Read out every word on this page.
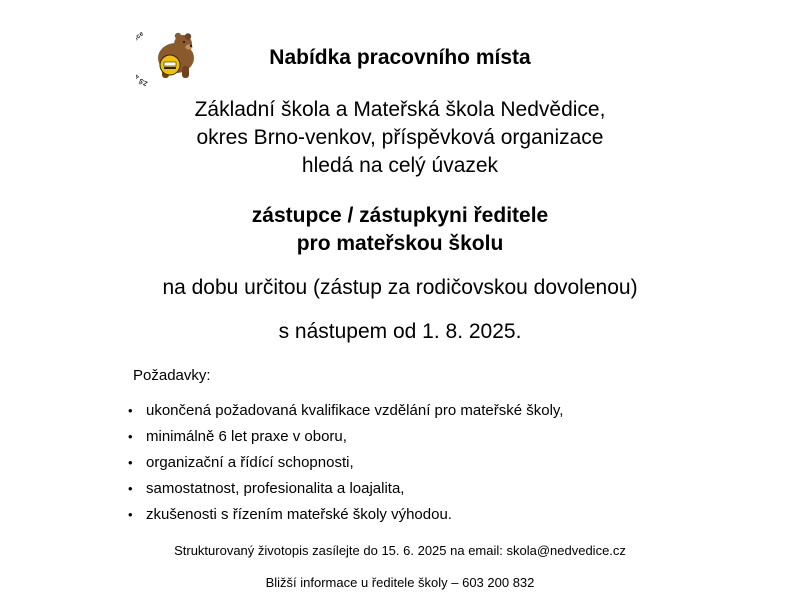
ZŠ e
Nabídka pracovního místa

Základní škola a Mateřská škola Nedvědice,
okres Brno-venkov, příspěvková organizace
hledá na celý úvazek

zástupce / zástupkyni ředitele
pro mateřskou školu

na dobu určitou (zástup za rodičovskou dovolenou)

s nástupem od 1. 8. 2025.

Požadavky:

• ukončená požadovaná kvalifikace vzdělání pro mateřské školy,
• minimálně 6 let praxe v oboru,
• organizační a řídící schopnosti,
• samostatnost, profesionalita a loajalita,
• zkušenosti s řízením mateřské školy výhodou.

Strukturovaný životopis zasílejte do 15. 6. 2025 na email: skola@nedvedice.cz

Bližší informace u ředitele školy – 603 200 832
